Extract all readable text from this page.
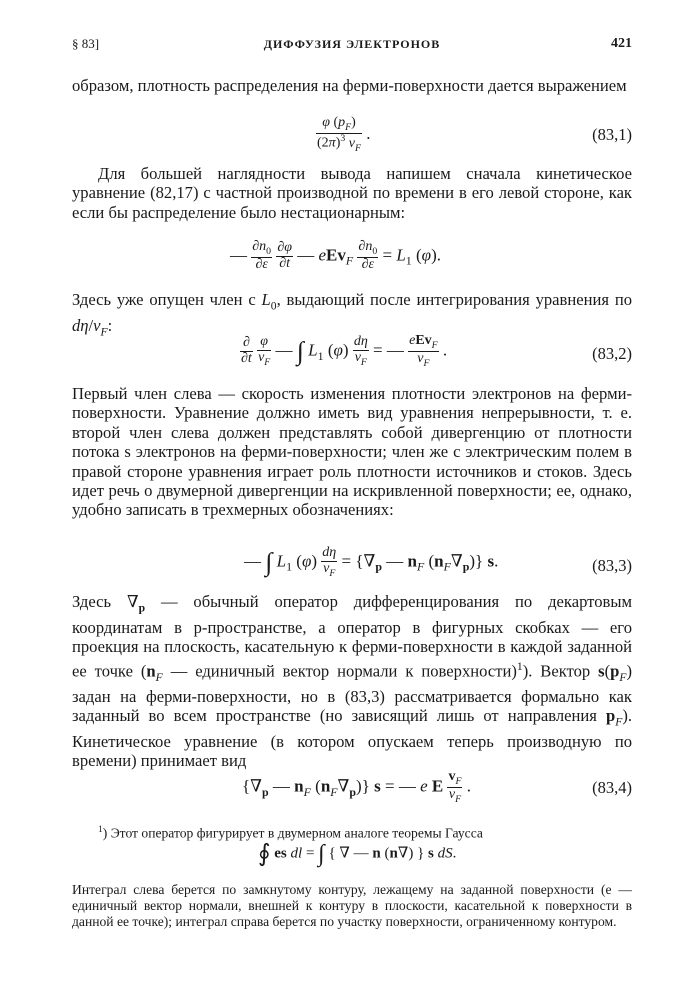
§ 83]	ДИФФУЗИЯ ЭЛЕКТРОНОВ	421

образом, плотность распределения на ферми-поверхности дается выражением

$\frac{\varphi (p_F)}{(2\pi)^3 v_F}$ .	(83,1)

Для большей наглядности вывода напишем сначала кинетическое уравнение (82,17) с частной производной по времени в его левой стороне, как если бы распределение было нестационарным:

— $\frac{\partial n_0}{\partial\varepsilon}$
$\frac{\partial\varphi}{\partial t}$ — $eEv_F \frac{\partial n_0}{\partial\varepsilon} = L_1$ (φ).

Здесь уже опущен член с $L_0$, выдающий после интегрирования уравнения по $d\eta/v_F$:

∂
∂t
$\frac{\varphi}{v_F}$ — ∫ $L_1$ $(\varphi) \frac{d\eta}{v_F}$ = — eEv$_F$
$v_F$
.	(83,2)

Первый член слева — скорость изменения плотности электронов на ферми-поверхности. Уравнение должно иметь вид уравнения непрерывности, т. е. второй член слева должен представлять собой дивергенцию от плотности потока s электронов на ферми-поверхности; член же с электрическим полем в правой стороне уравнения играет роль плотности источников и стоков. Здесь идет речь о двумерной дивергенции на искривленной поверхности; ее, однако, удобно записать в трехмерных обозначениях:

— ∫ $L_1$ $(\varphi) \frac{d\eta}{v_F} = \{\nabla_p$ — $n_F$ $(n_F\nabla_p)$} s.	(83,3)

Здесь $\nabla_p$ — обычный оператор дифференцирования по декартовым координатам в p-пространстве, а оператор в фигурных скобках — его проекция на плоскость, касательную к ферми-поверхности в каждой заданной ее точке ($n_F$ — единичный вектор нормали к поверхности)$^1$). Вектор $s(p_F)$ задан на ферми-поверхности, но в (83,3) рассматривается формально как заданный во всем пространстве (но зависящий лишь от направления $p_F$). Кинетическое уравнение (в котором опускаем теперь производную по времени) принимает вид

{$\nabla_p$ — $n_F$ $(n_F\nabla_p)$} s = — e E $\frac{v_F}{v_F}$ .	(83,4)

$^1$) Этот оператор фигурирует в двумерном аналоге теоремы Гаусса

∮ es dl = ∫ { ∇ — n (n∇) } s dS.

Интеграл слева берется по замкнутому контуру, лежащему на заданной поверхности (e — единичный вектор нормали, внешней к контуру в плоскости, касательной к поверхности в данной ее точке); интеграл справа берется по участку поверхности, ограниченному контуром.
